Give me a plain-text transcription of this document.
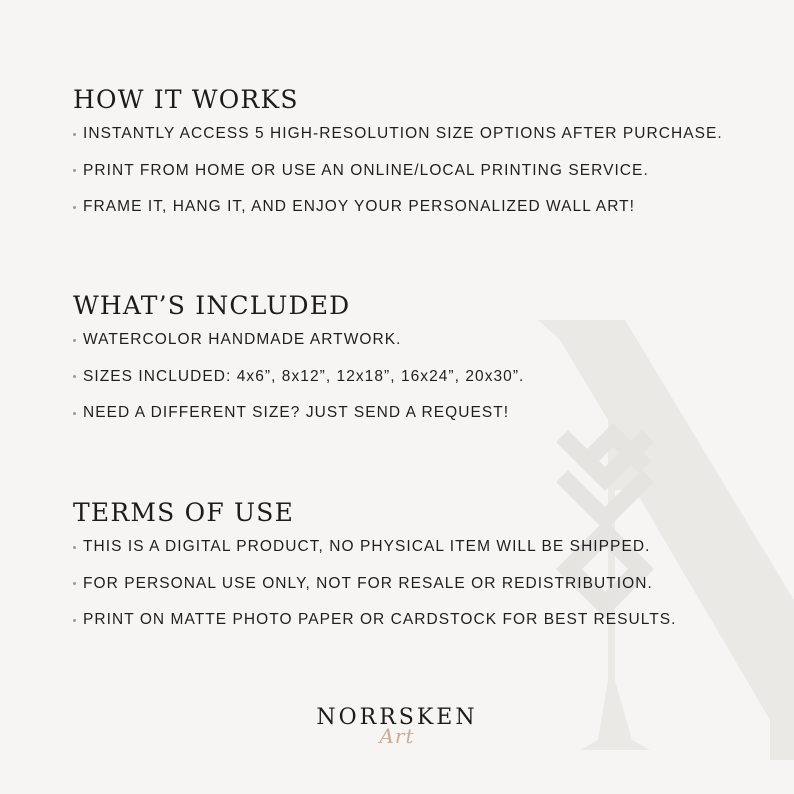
HOW IT WORKS
INSTANTLY ACCESS 5 HIGH-RESOLUTION SIZE OPTIONS AFTER PURCHASE.
PRINT FROM HOME OR USE AN ONLINE/LOCAL PRINTING SERVICE.
FRAME IT, HANG IT, AND ENJOY YOUR PERSONALIZED WALL ART!
WHAT’S INCLUDED
WATERCOLOR HANDMADE ARTWORK.
SIZES INCLUDED: 4x6”, 8x12”, 12x18”, 16x24”, 20x30”.
NEED A DIFFERENT SIZE? JUST SEND A REQUEST!
TERMS OF USE
THIS IS A DIGITAL PRODUCT, NO PHYSICAL ITEM WILL BE SHIPPED.
FOR PERSONAL USE ONLY, NOT FOR RESALE OR REDISTRIBUTION.
PRINT ON MATTE PHOTO PAPER OR CARDSTOCK FOR BEST RESULTS.
NORRSKEN
Art
